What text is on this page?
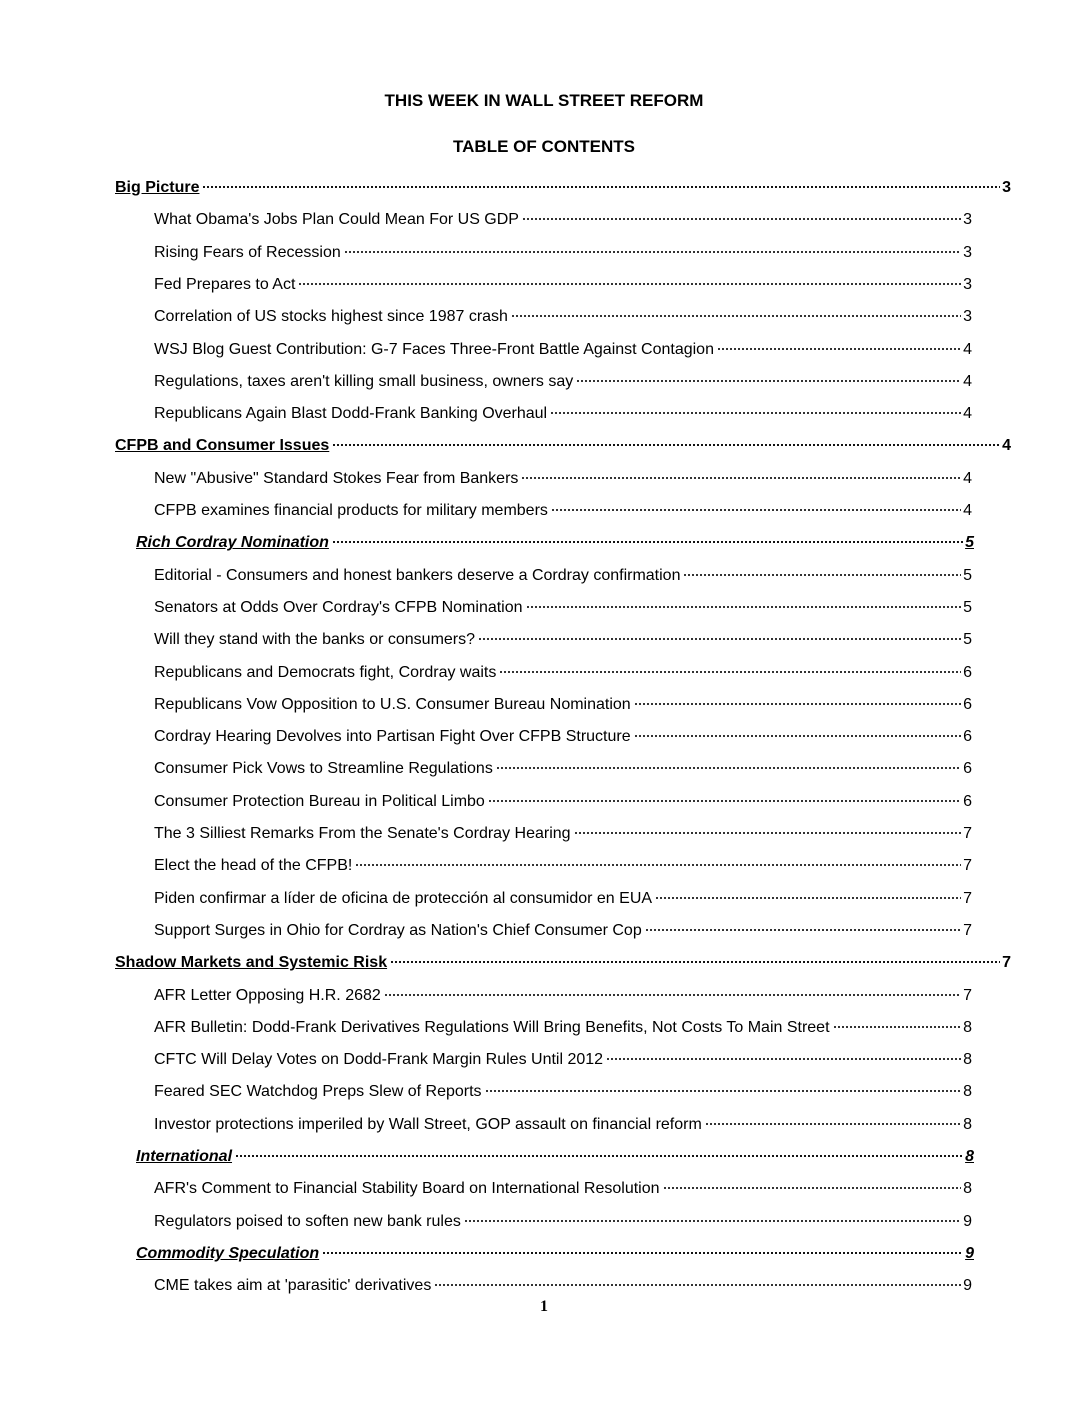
THIS WEEK IN WALL STREET REFORM
TABLE OF CONTENTS
Big Picture	3
What Obama's Jobs Plan Could Mean For US GDP	3
Rising Fears of Recession	3
Fed Prepares to Act	3
Correlation of US stocks highest since 1987 crash	3
WSJ Blog Guest Contribution: G-7 Faces Three-Front Battle Against Contagion	4
Regulations, taxes aren't killing small business, owners say	4
Republicans Again Blast Dodd-Frank Banking Overhaul	4
CFPB and Consumer Issues	4
New "Abusive" Standard Stokes Fear from Bankers	4
CFPB examines financial products for military members	4
Rich Cordray Nomination	5
Editorial - Consumers and honest bankers deserve a Cordray confirmation	5
Senators at Odds Over Cordray's CFPB Nomination	5
Will they stand with the banks or consumers?	5
Republicans and Democrats fight, Cordray waits	6
Republicans Vow Opposition to U.S. Consumer Bureau Nomination	6
Cordray Hearing Devolves into Partisan Fight Over CFPB Structure	6
Consumer Pick Vows to Streamline Regulations	6
Consumer Protection Bureau in Political Limbo	6
The 3 Silliest Remarks From the Senate's Cordray Hearing	7
Elect the head of the CFPB!	7
Piden confirmar a líder de oficina de protección al consumidor en EUA	7
Support Surges in Ohio for Cordray as Nation's Chief Consumer Cop	7
Shadow Markets and Systemic Risk	7
AFR Letter Opposing H.R. 2682	7
AFR Bulletin: Dodd-Frank Derivatives Regulations Will Bring Benefits, Not Costs To Main Street	8
CFTC Will Delay Votes on Dodd-Frank Margin Rules Until 2012	8
Feared SEC Watchdog Preps Slew of Reports	8
Investor protections imperiled by Wall Street, GOP assault on financial reform	8
International	8
AFR's Comment to Financial Stability Board on International Resolution	8
Regulators poised to soften new bank rules	9
Commodity Speculation	9
CME takes aim at 'parasitic' derivatives	9
1
